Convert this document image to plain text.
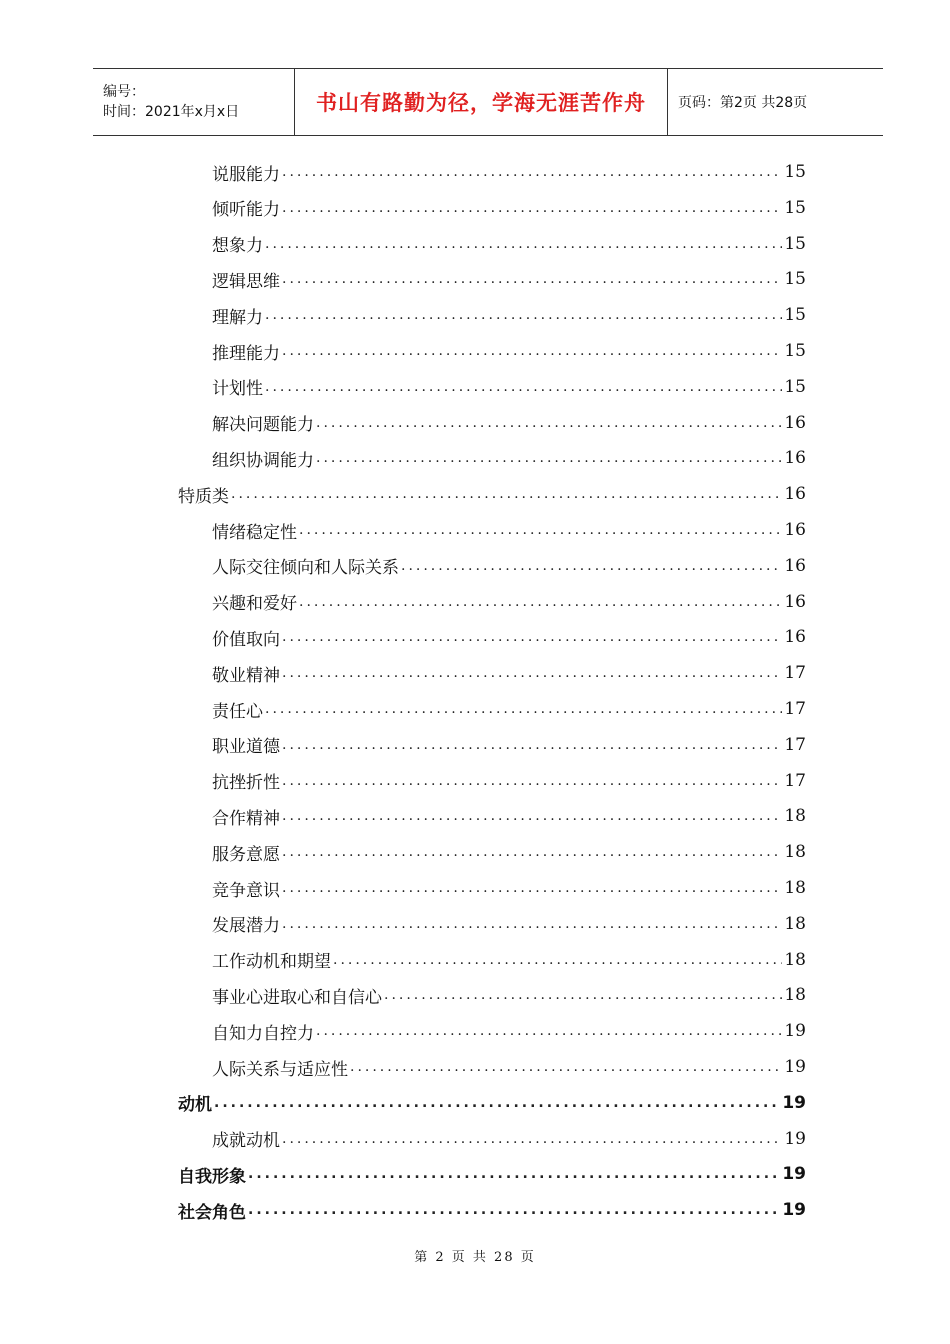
编号：
时间：2021年x月x日	书山有路勤为径，学海无涯苦作舟 页码：第2页 共28页
说服能力 .....	15
倾听能力 .....	15
想象力 .....	15
逻辑思维 .....	15
理解力 .....	15
推理能力 .....	15
计划性 .....	15
解决问题能力 .....	16
组织协调能力 .....	16
特质类 .....	16
情绪稳定性 .....	16
人际交往倾向和人际关系 .....	16
兴趣和爱好 .....	16
价值取向 .....	16
敬业精神 .....	17
责任心 .....	17
职业道德 .....	17
抗挫折性 .....	17
合作精神 .....	18
服务意愿 .....	18
竞争意识 .....	18
发展潜力 .....	18
工作动机和期望 .....	18
事业心进取心和自信心 .....	18
自知力自控力 .....	19
人际关系与适应性 .....	19
动机 .....	19
成就动机 .....	19
自我形象 .....	19
社会角色 .....	19
第 2 页 共 28 页
